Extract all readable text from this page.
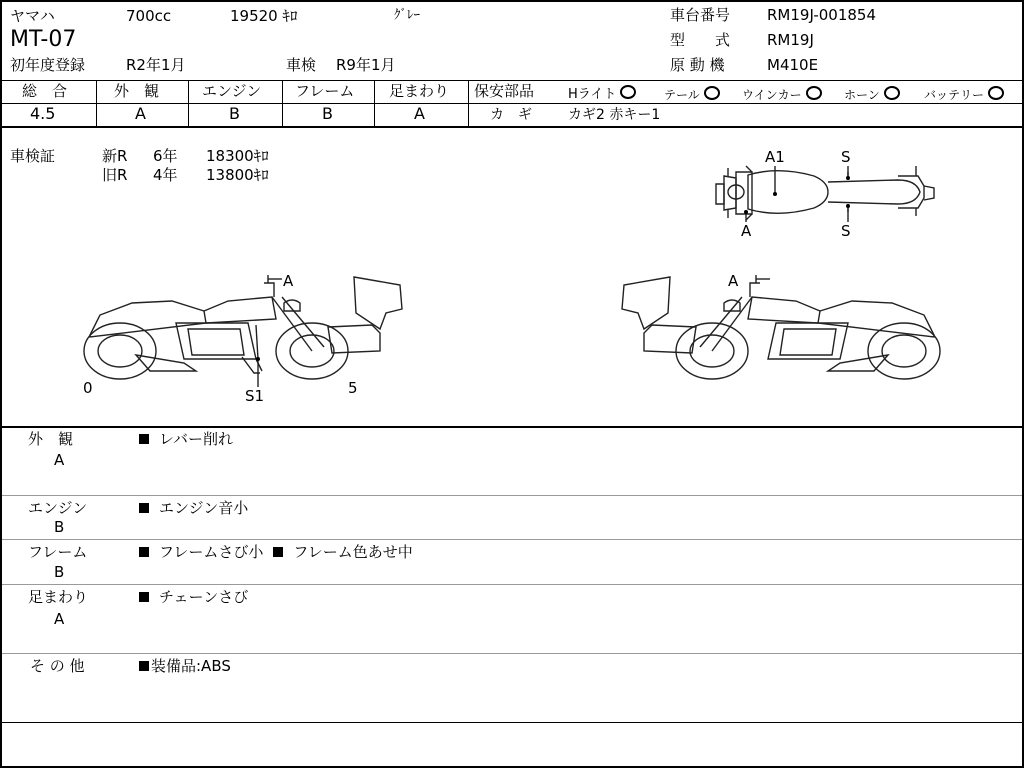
ヤマハ	700cc	19520 ｷﾛ	ｸﾞﾚｰ
MT-07
初年度登録	R2年1月	車検 R9年1月
車台番号 RM19J-001854
型　　式 RM19J
原 動 機	M410E
総　合	外　観	エンジン フレーム 足まわり
4.5	A	B	B	A
保安部品	Hライト	テール	ウインカー	ホーン	バッテリー
カ　ギ	カギ2 赤キー1
車検証	新R 6年 18300ｷﾛ
旧R 4年 13800ｷﾛ
A1	S
A	S
A
S1
0	5
A
外　観
A
レバー削れ
エンジン
B
エンジン音小
フレーム
B
フレームさび小 フレーム色あせ中
足まわり
A
チェーンさび
そ の 他	装備品:ABS
